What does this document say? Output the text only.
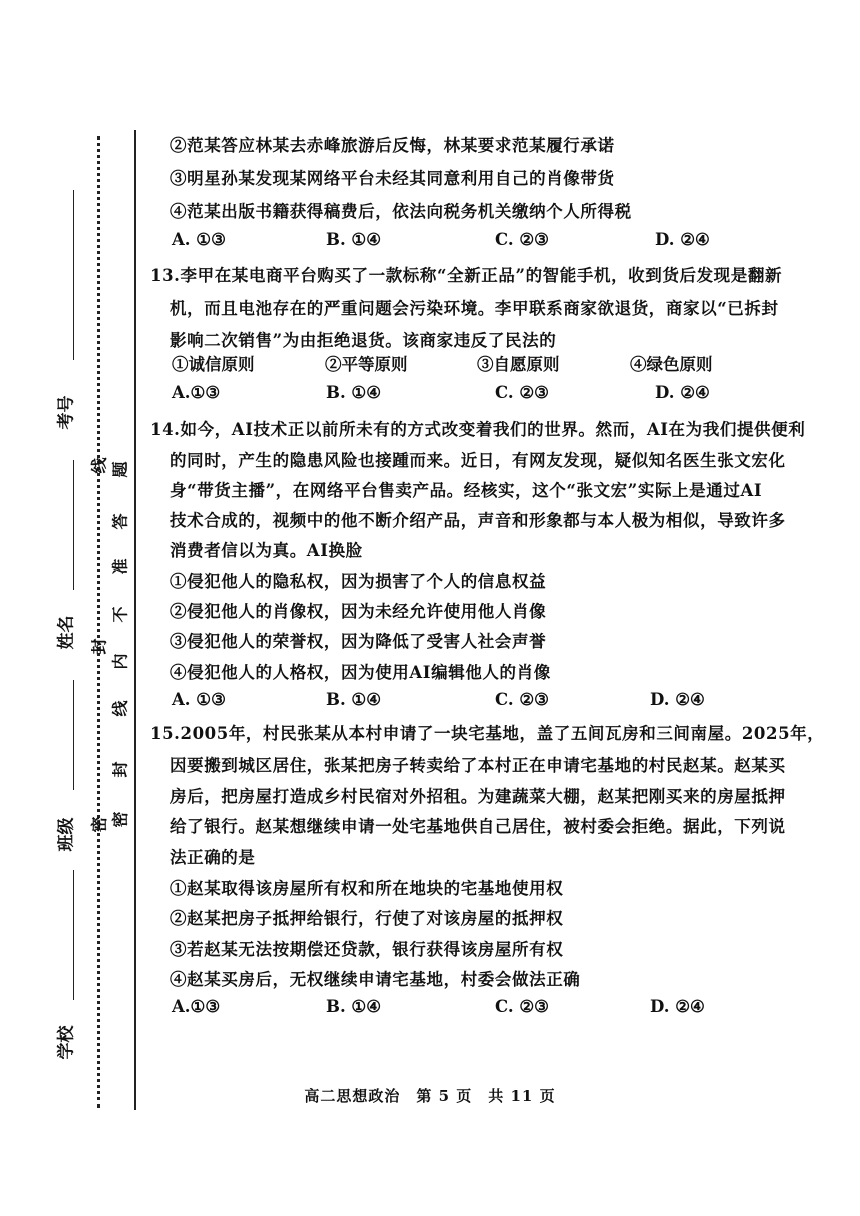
考号
姓名
班级
学校
密
封
线 题
答
准
不
内
线
封
密
②范某答应林某去赤峰旅游后反悔，林某要求范某履行承诺
③明星孙某发现某网络平台未经其同意利用自己的肖像带货
④范某出版书籍获得稿费后，依法向税务机关缴纳个人所得税
A. ①③	B. ①④	C. ②③	D. ②④
13.李甲在某电商平台购买了一款标称“全新正品”的智能手机，收到货后发现是翻新
机，而且电池存在的严重问题会污染环境。李甲联系商家欲退货，商家以“已拆封
影响二次销售”为由拒绝退货。该商家违反了民法的
①诚信原则	②平等原则	③自愿原则	④绿色原则
A.①③	B. ①④	C. ②③	D. ②④
14.如今，AI技术正以前所未有的方式改变着我们的世界。然而，AI在为我们提供便利
的同时，产生的隐患风险也接踵而来。近日，有网友发现，疑似知名医生张文宏化
身“带货主播”，在网络平台售卖产品。经核实，这个“张文宏”实际上是通过AI
技术合成的，视频中的他不断介绍产品，声音和形象都与本人极为相似，导致许多
消费者信以为真。AI换脸
①侵犯他人的隐私权，因为损害了个人的信息权益
②侵犯他人的肖像权，因为未经允许使用他人肖像
③侵犯他人的荣誉权，因为降低了受害人社会声誉
④侵犯他人的人格权，因为使用AI编辑他人的肖像
A. ①③	B. ①④	C. ②③	D. ②④
15.2005年，村民张某从本村申请了一块宅基地，盖了五间瓦房和三间南屋。2025年，
因要搬到城区居住，张某把房子转卖给了本村正在申请宅基地的村民赵某。赵某买
房后，把房屋打造成乡村民宿对外招租。为建蔬菜大棚，赵某把刚买来的房屋抵押
给了银行。赵某想继续申请一处宅基地供自己居住，被村委会拒绝。据此，下列说
法正确的是
①赵某取得该房屋所有权和所在地块的宅基地使用权
②赵某把房子抵押给银行，行使了对该房屋的抵押权
③若赵某无法按期偿还贷款，银行获得该房屋所有权
④赵某买房后，无权继续申请宅基地，村委会做法正确
A.①③	B. ①④	C. ②③	D. ②④
高二思想政治　第 5 页　共 11 页
